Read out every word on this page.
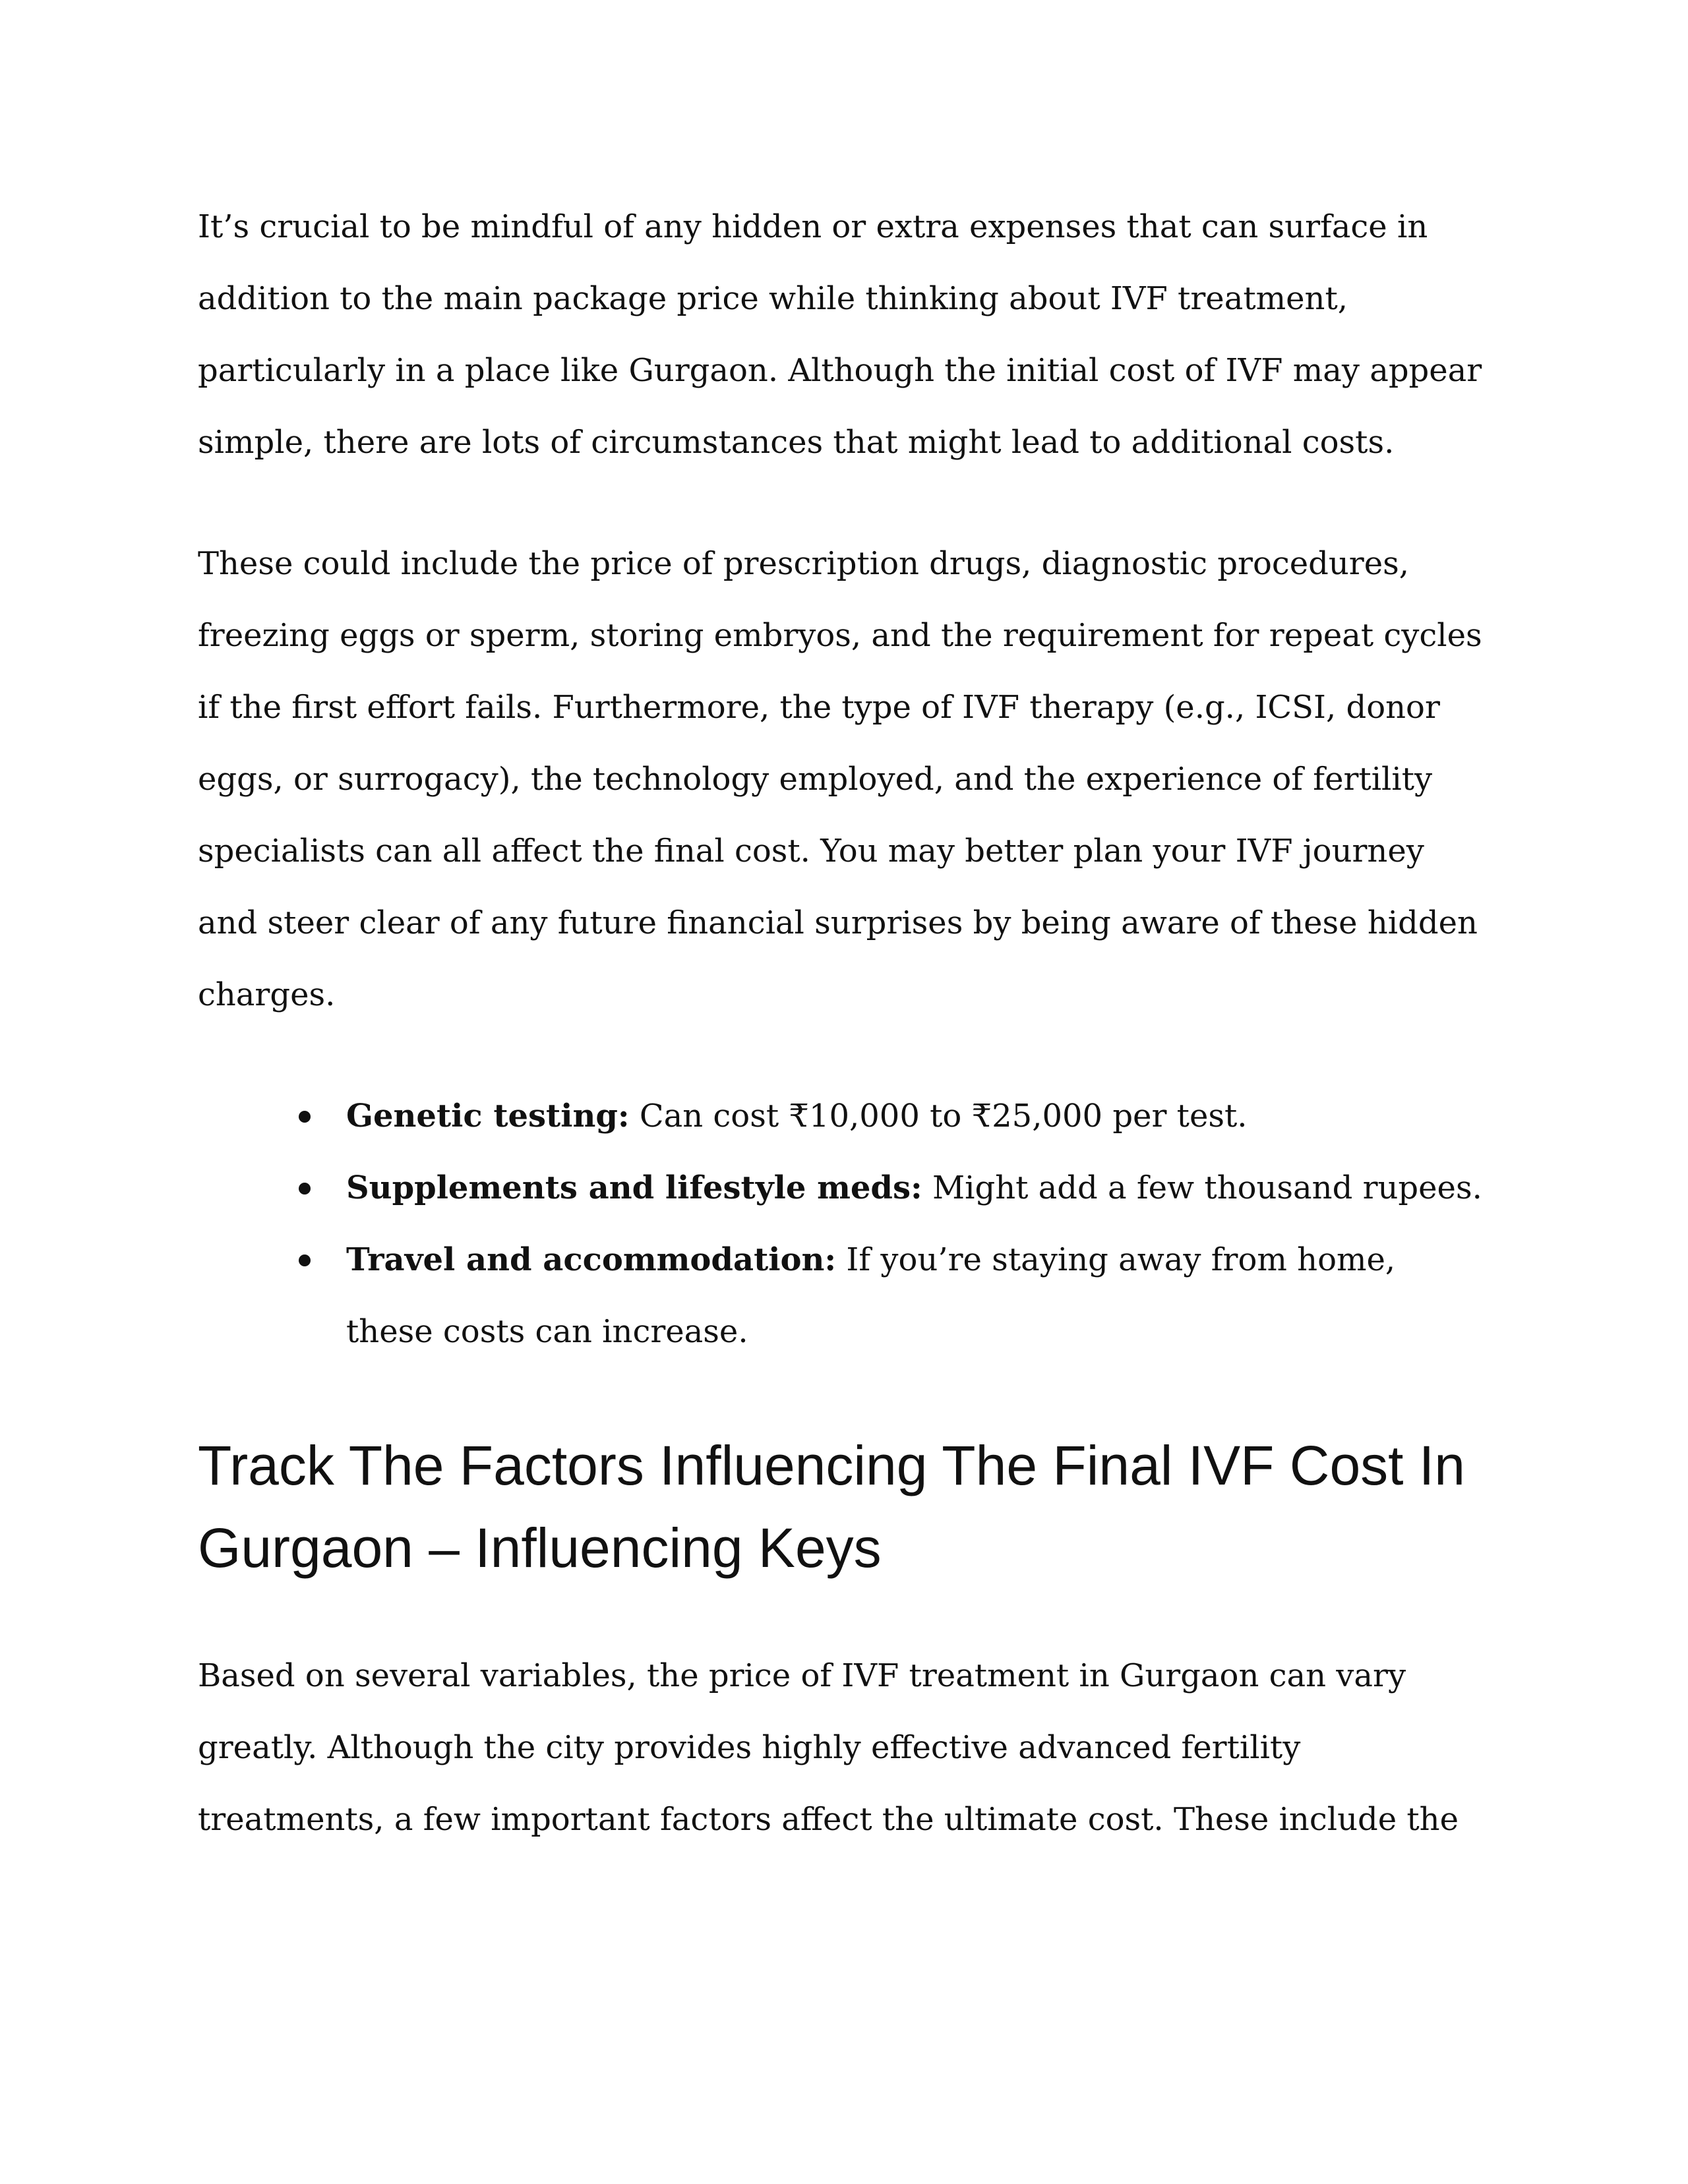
It’s crucial to be mindful of any hidden or extra expenses that can surface in addition to the main package price while thinking about IVF treatment, particularly in a place like Gurgaon. Although the initial cost of IVF may appear simple, there are lots of circumstances that might lead to additional costs.

These could include the price of prescription drugs, diagnostic procedures, freezing eggs or sperm, storing embryos, and the requirement for repeat cycles if the first effort fails. Furthermore, the type of IVF therapy (e.g., ICSI, donor eggs, or surrogacy), the technology employed, and the experience of fertility specialists can all affect the final cost. You may better plan your IVF journey and steer clear of any future financial surprises by being aware of these hidden charges.

Genetic testing: Can cost ₹10,000 to ₹25,000 per test.
Supplements and lifestyle meds: Might add a few thousand rupees.
Travel and accommodation: If you’re staying away from home, these costs can increase.
Track The Factors Influencing The Final IVF Cost In Gurgaon – Influencing Keys

Based on several variables, the price of IVF treatment in Gurgaon can vary greatly. Although the city provides highly effective advanced fertility treatments, a few important factors affect the ultimate cost. These include the
